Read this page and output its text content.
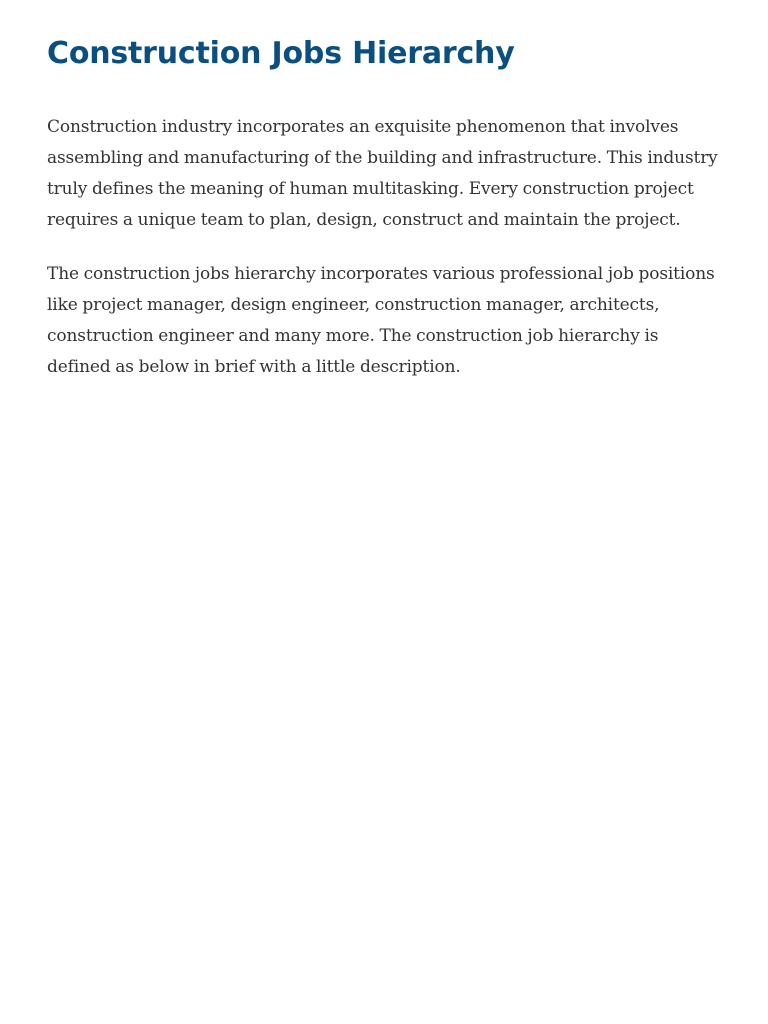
Construction Jobs Hierarchy

Construction industry incorporates an exquisite phenomenon that involves assembling and manufacturing of the building and infrastructure. This industry truly defines the meaning of human multitasking. Every construction project requires a unique team to plan, design, construct and maintain the project.

The construction jobs hierarchy incorporates various professional job positions like project manager, design engineer, construction manager, architects, construction engineer and many more. The construction job hierarchy is defined as below in brief with a little description.
